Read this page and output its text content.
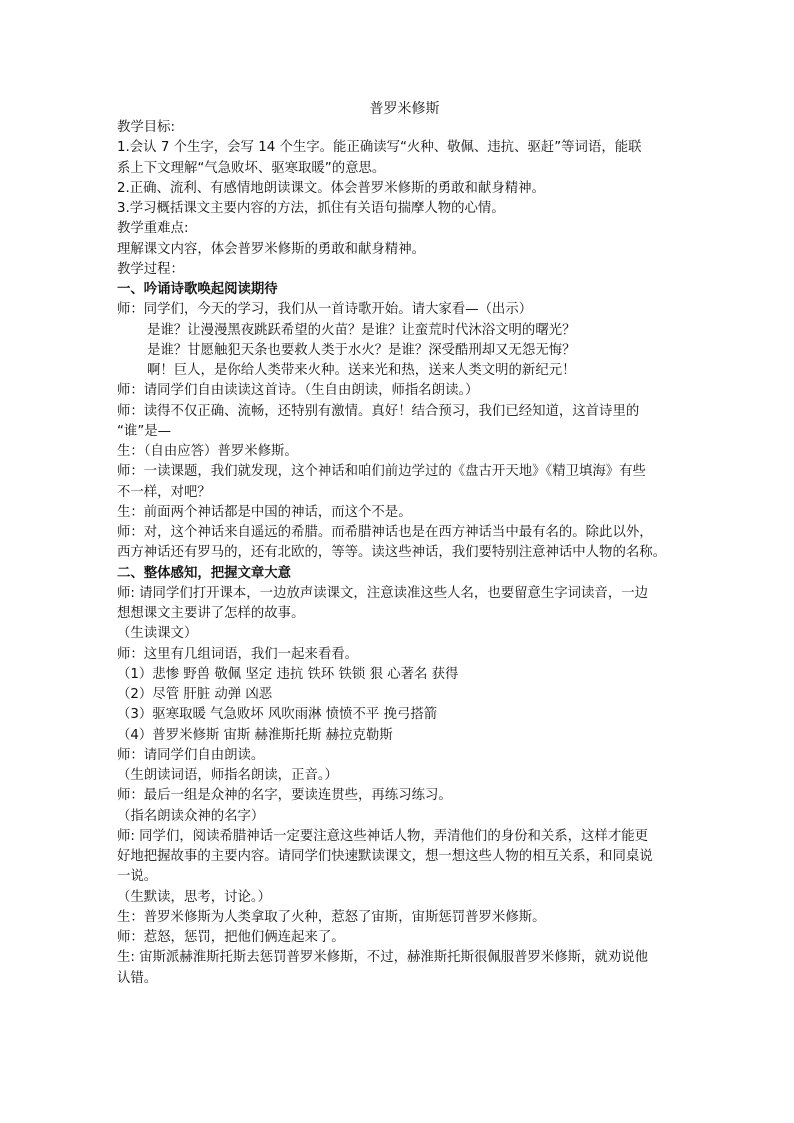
普罗米修斯

教学目标:

1.会认 7 个生字，会写 14 个生字。能正确读写“火种、敬佩、违抗、驱赶”等词语，能联

系上下文理解“气急败坏、驱寒取暖”的意思。

2.正确、流利、有感情地朗读课文。体会普罗米修斯的勇敢和献身精神。

3.学习概括课文主要内容的方法，抓住有关语句揣摩人物的心情。

教学重难点:

理解课文内容，体会普罗米修斯的勇敢和献身精神。

教学过程：

一、吟诵诗歌唤起阅读期待

师：同学们，今天的学习，我们从一首诗歌开始。请大家看—（出示）

是谁？让漫漫黑夜跳跃希望的火苗？是谁？让蛮荒时代沐浴文明的曙光？

是谁？甘愿触犯天条也要救人类于水火？是谁？深受酷刑却又无怨无悔？

啊！巨人，是你给人类带来火种。送来光和热，送来人类文明的新纪元！

师：请同学们自由读读这首诗。（生自由朗读，师指名朗读。）

师：读得不仅正确、流畅，还特别有激情。真好！结合预习，我们已经知道，这首诗里的

“谁”是—

生：（自由应答）普罗米修斯。

师：一读课题，我们就发现，这个神话和咱们前边学过的《盘古开天地》《精卫填海》有些

不一样，对吧？

生：前面两个神话都是中国的神话，而这个不是。

师：对，这个神话来自遥远的希腊。而希腊神话也是在西方神话当中最有名的。除此以外，

西方神话还有罗马的，还有北欧的，等等。读这些神话，我们要特别注意神话中人物的名称。

二、整体感知，把握文章大意

师: 请同学们打开课本，一边放声读课文，注意读准这些人名，也要留意生字词读音，一边

想想课文主要讲了怎样的故事。

（生读课文）

师：这里有几组词语，我们一起来看看。

（1）悲惨 野兽 敬佩 坚定 违抗 铁环 铁锁 狠 心著名 获得

（2）尽管 肝脏 动弹 凶恶

（3）驱寒取暖 气急败坏 风吹雨淋 愤愤不平 挽弓搭箭

（4）普罗米修斯 宙斯 赫淮斯托斯 赫拉克勒斯

师：请同学们自由朗读。

（生朗读词语，师指名朗读，正音。）

师：最后一组是众神的名字，要读连贯些，再练习练习。

（指名朗读众神的名字）

师: 同学们，阅读希腊神话一定要注意这些神话人物，弄清他们的身份和关系，这样才能更

好地把握故事的主要内容。请同学们快速默读课文，想一想这些人物的相互关系，和同桌说

一说。

（生默读，思考，讨论。）

生：普罗米修斯为人类拿取了火种，惹怒了宙斯，宙斯惩罚普罗米修斯。

师：惹怒，惩罚，把他们俩连起来了。

生: 宙斯派赫淮斯托斯去惩罚普罗米修斯，不过，赫淮斯托斯很佩服普罗米修斯，就劝说他

认错。
